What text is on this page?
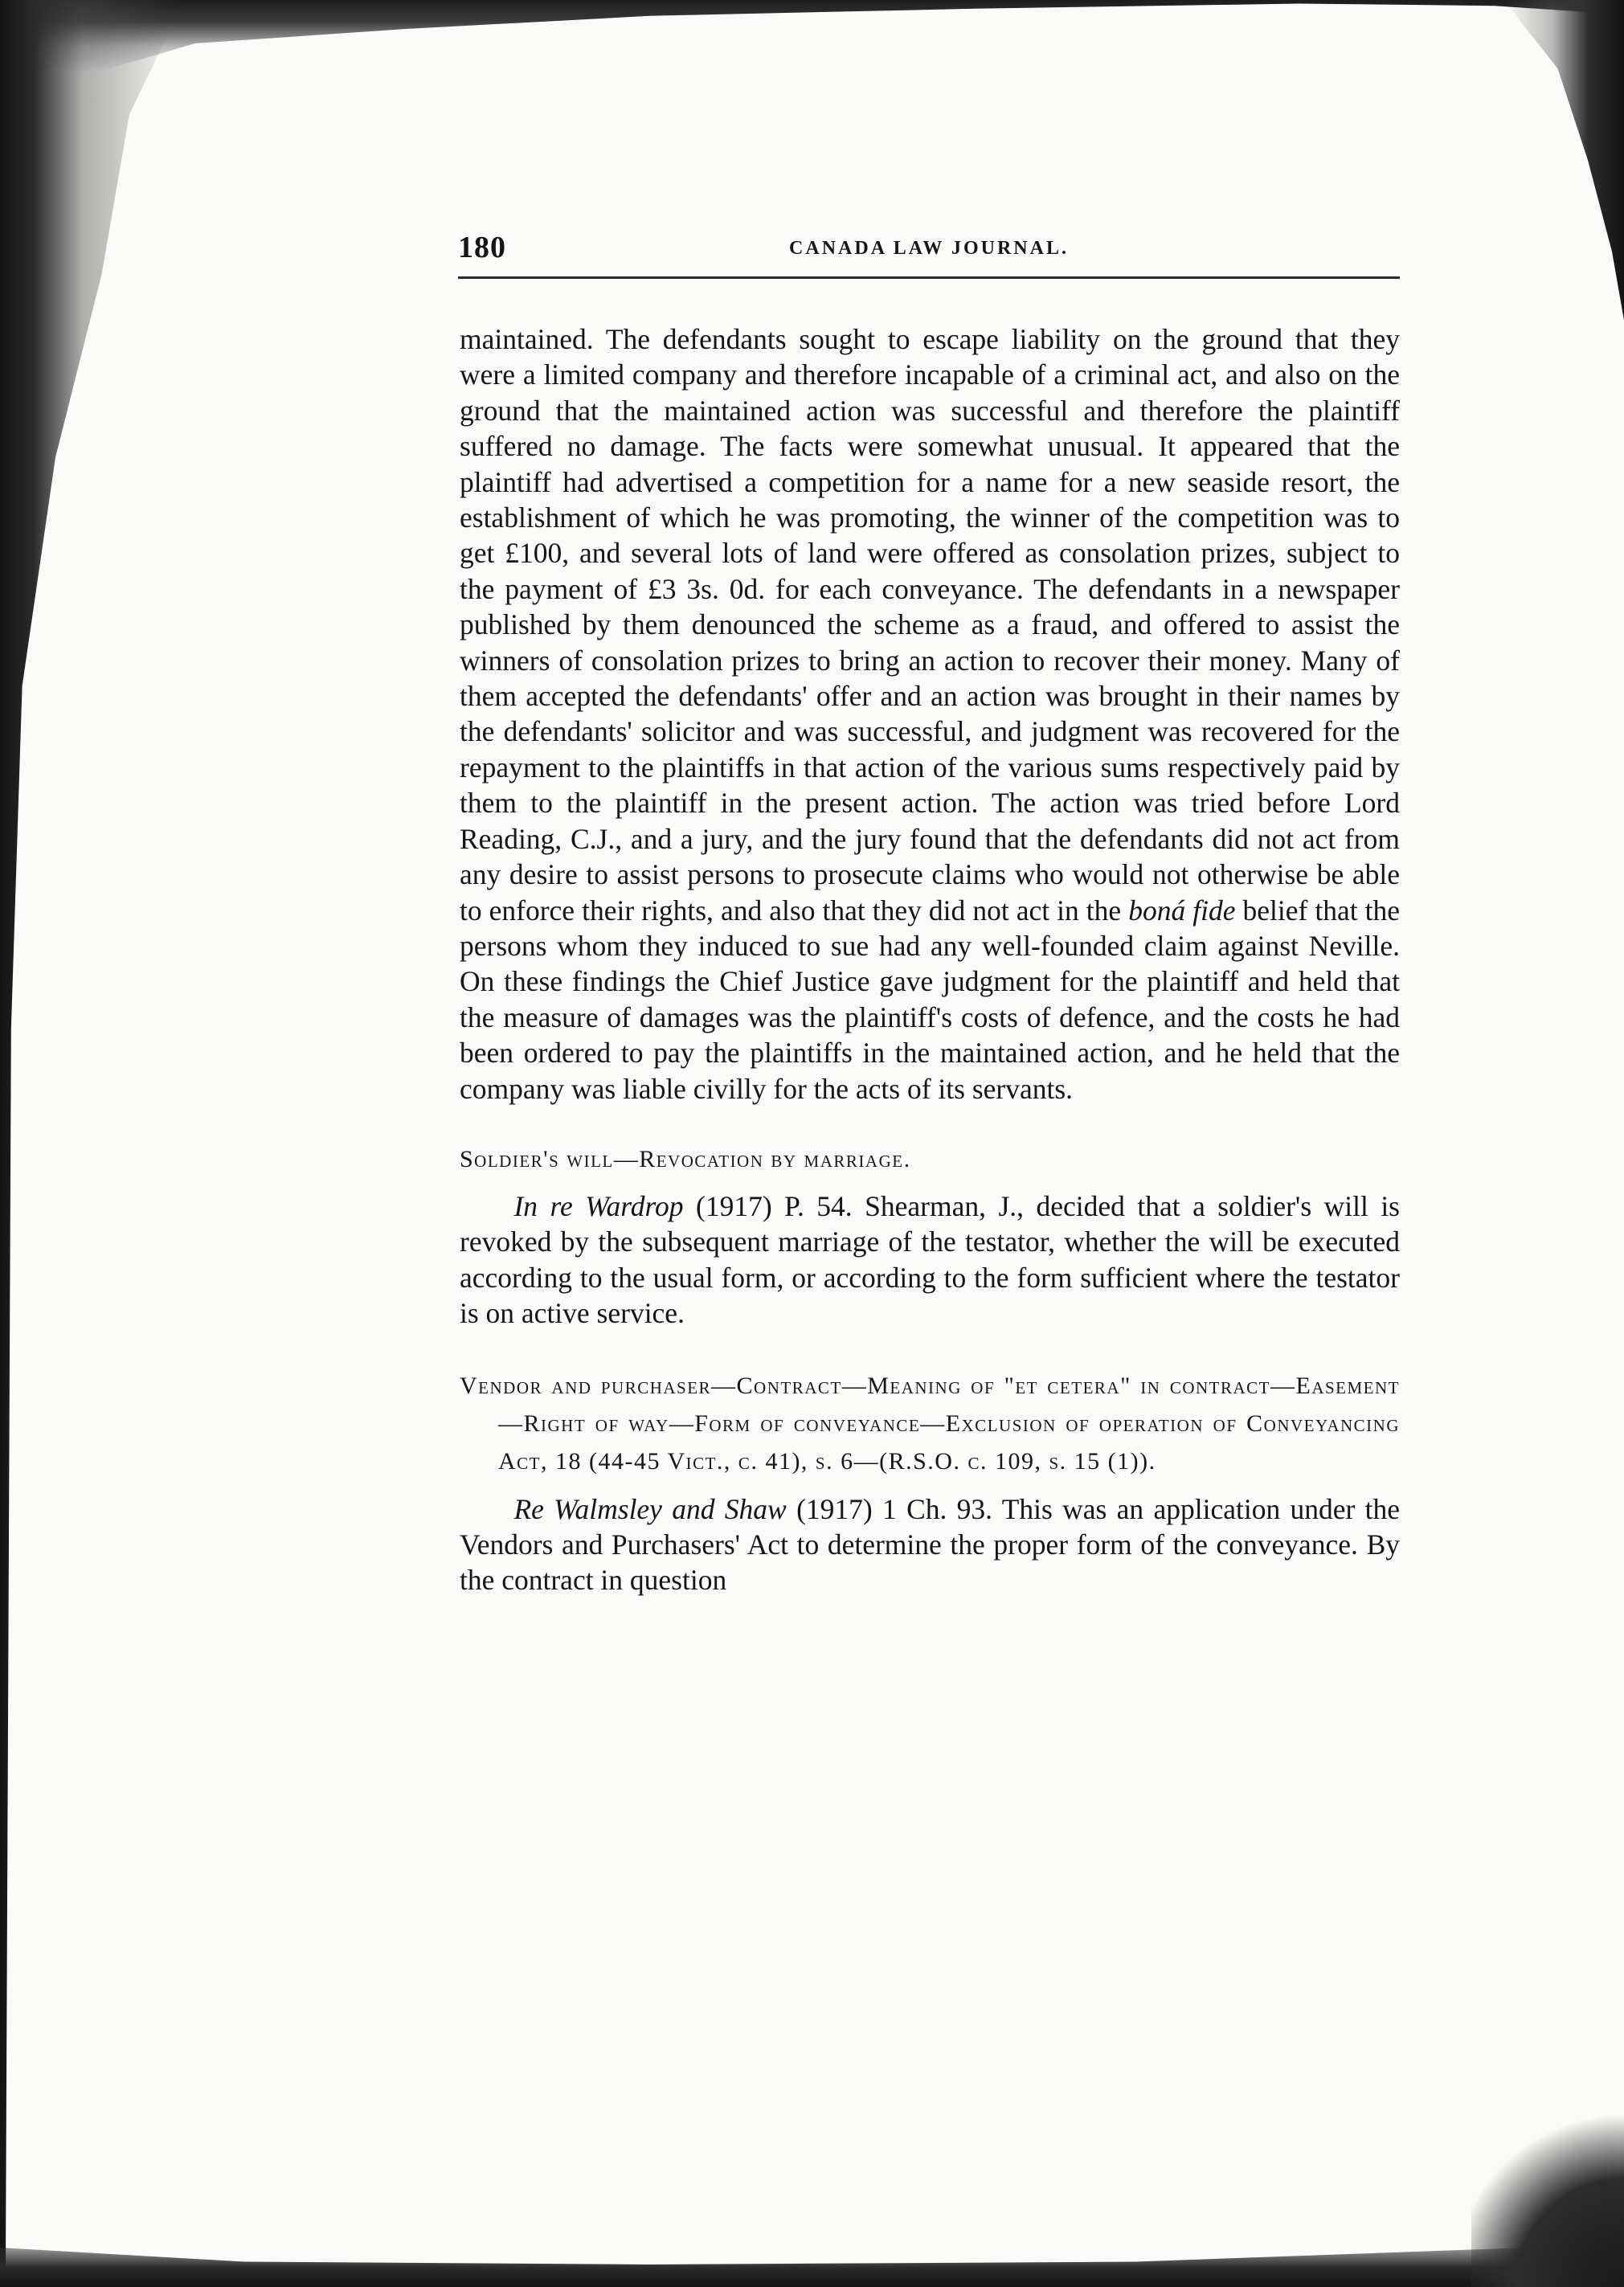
180	CANADA LAW JOURNAL.

maintained. The defendants sought to escape liability on the ground that they were a limited company and therefore incapable of a criminal act, and also on the ground that the maintained action was successful and therefore the plaintiff suffered no damage. The facts were somewhat unusual. It appeared that the plaintiff had advertised a competition for a name for a new seaside resort, the establishment of which he was promoting, the winner of the competition was to get £100, and several lots of land were offered as consolation prizes, subject to the payment of £3 3s. 0d. for each conveyance. The defendants in a newspaper published by them denounced the scheme as a fraud, and offered to assist the winners of consolation prizes to bring an action to recover their money. Many of them accepted the defendants' offer and an action was brought in their names by the defendants' solicitor and was successful, and judgment was recovered for the repayment to the plaintiffs in that action of the various sums respectively paid by them to the plaintiff in the present action. The action was tried before Lord Reading, C.J., and a jury, and the jury found that the defendants did not act from any desire to assist persons to prosecute claims who would not otherwise be able to enforce their rights, and also that they did not act in the boná fide belief that the persons whom they induced to sue had any well-founded claim against Neville. On these findings the Chief Justice gave judgment for the plaintiff and held that the measure of damages was the plaintiff's costs of defence, and the costs he had been ordered to pay the plaintiffs in the maintained action, and he held that the company was liable civilly for the acts of its servants.

Soldier's will—Revocation by marriage.

In re Wardrop (1917) P. 54. Shearman, J., decided that a soldier's will is revoked by the subsequent marriage of the testator, whether the will be executed according to the usual form, or according to the form sufficient where the testator is on active service.

Vendor and purchaser—Contract—Meaning of "et cetera" in contract—Easement—Right of way—Form of conveyance—Exclusion of operation of Conveyancing Act, 18 (44-45 Vict., c. 41), s. 6—(R.S.O. c. 109, s. 15 (1)).

Re Walmsley and Shaw (1917) 1 Ch. 93. This was an application under the Vendors and Purchasers' Act to determine the proper form of the conveyance. By the contract in question
